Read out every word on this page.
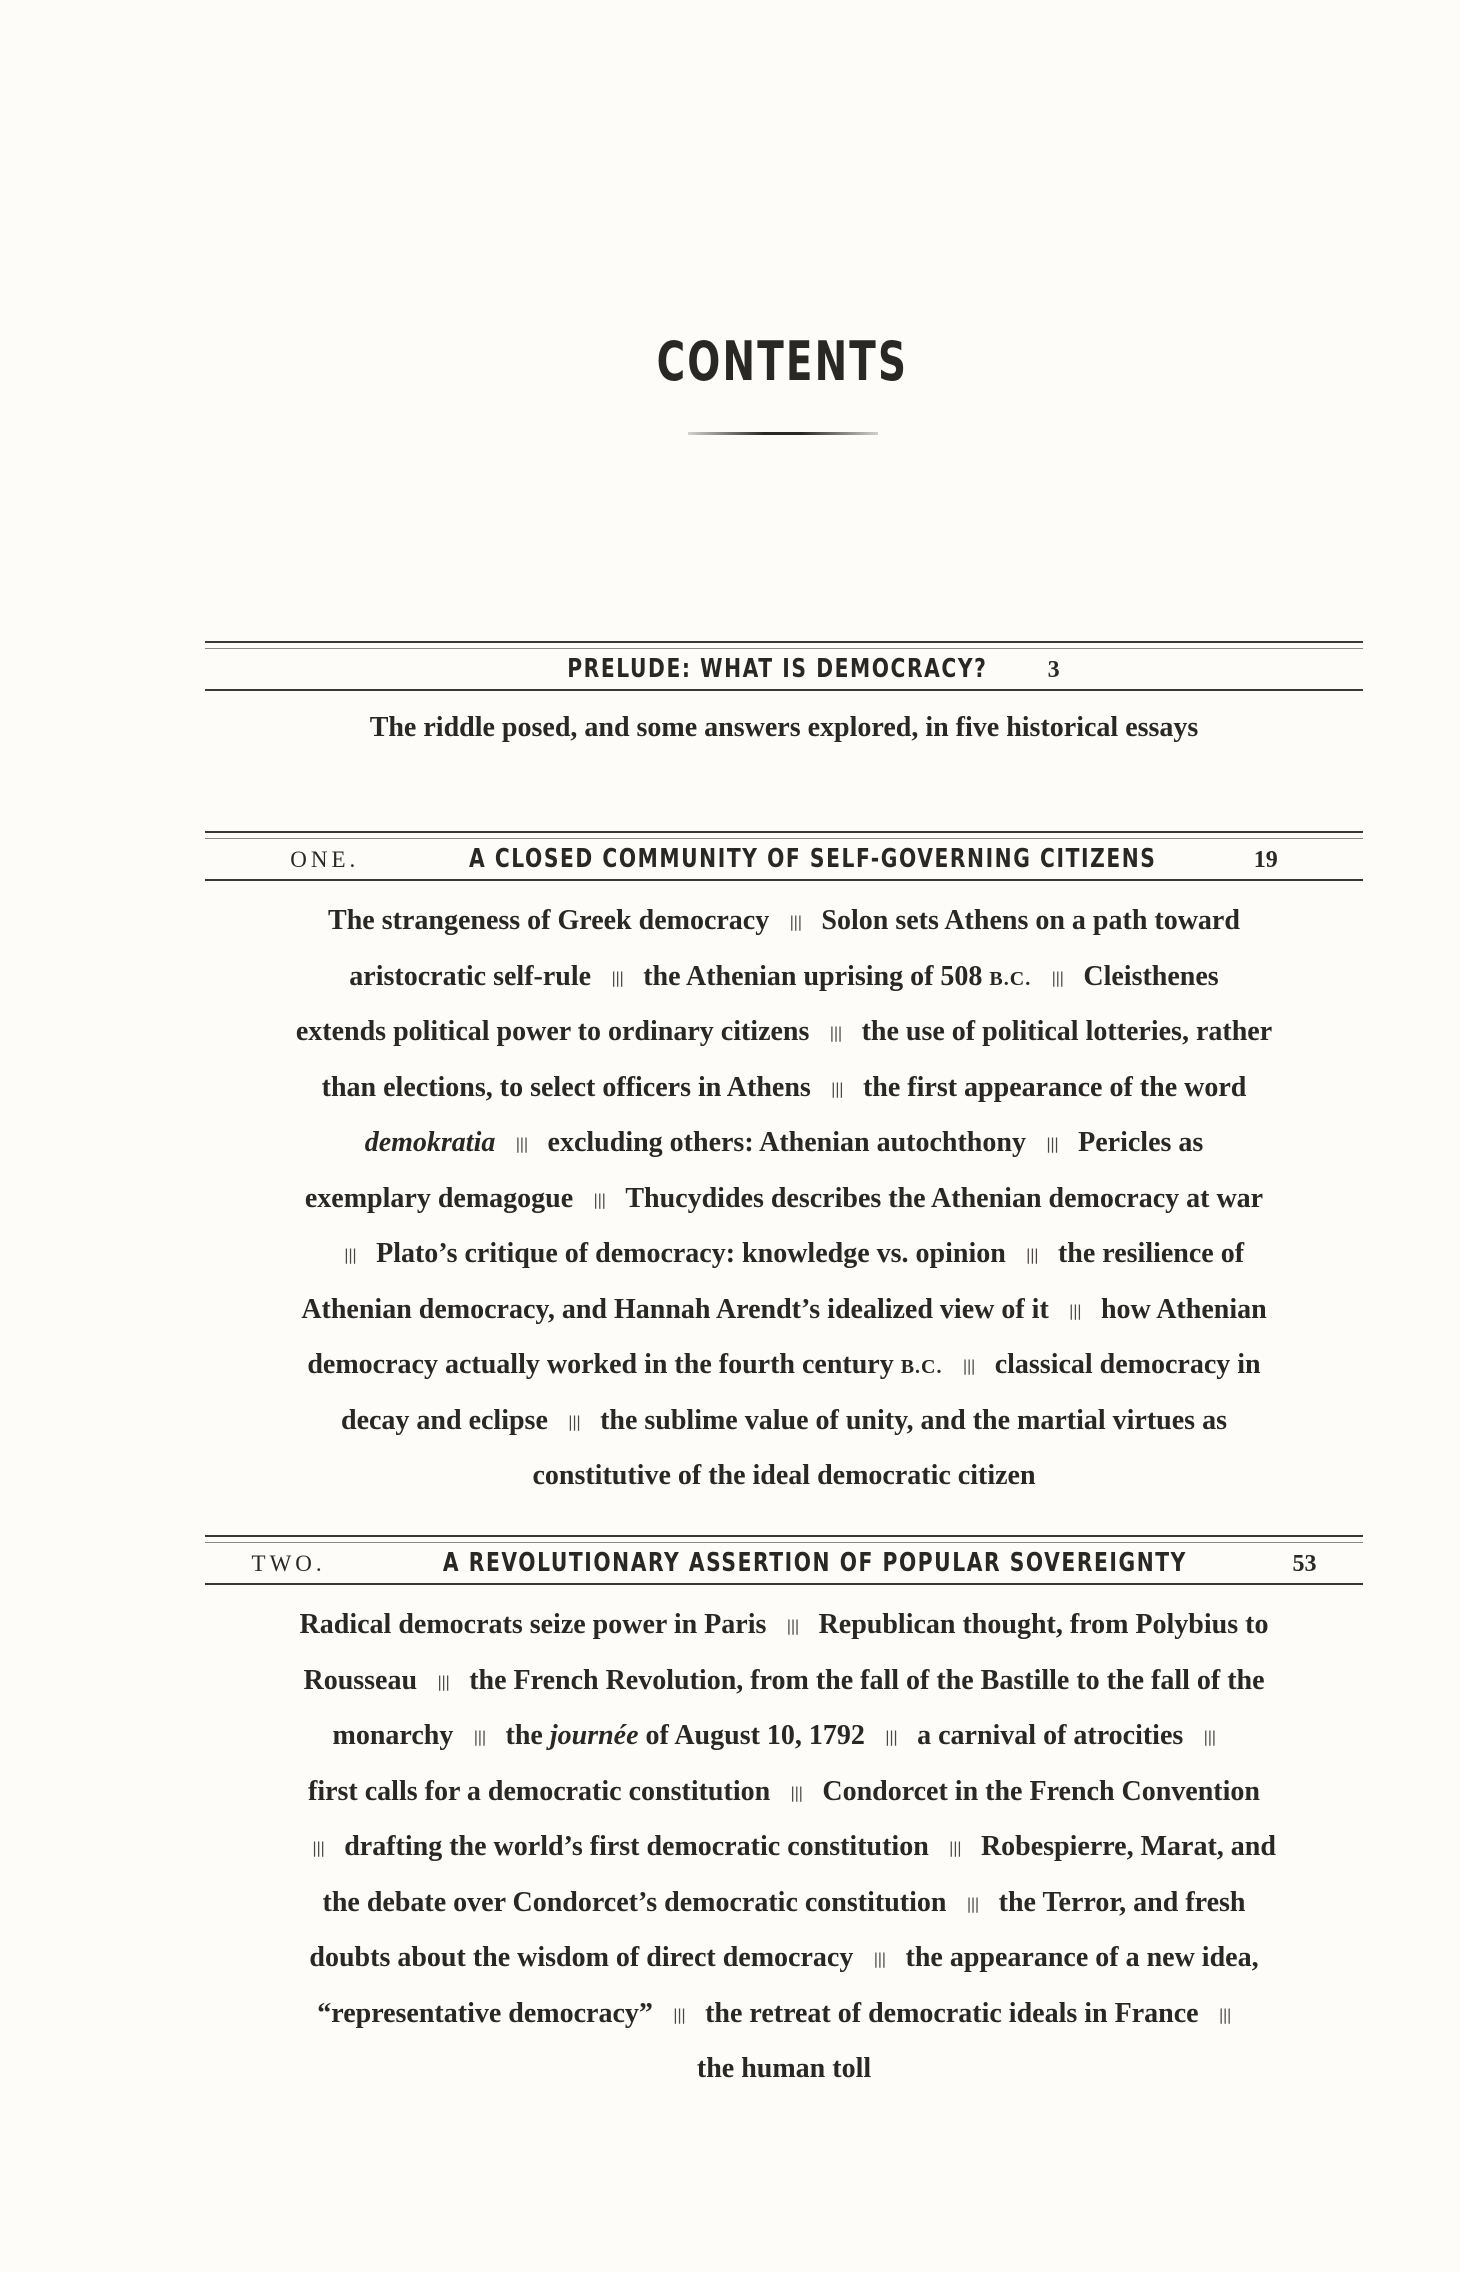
CONTENTS
PRELUDE: WHAT IS DEMOCRACY? 3
The riddle posed, and some answers explored, in five historical essays
ONE.	A CLOSED COMMUNITY OF SELF-GOVERNING CITIZENS	19
The strangeness of Greek democracy ||| Solon sets Athens on a path toward
aristocratic self-rule ||| the Athenian uprising of 508 B.C. ||| Cleisthenes
extends political power to ordinary citizens ||| the use of political lotteries, rather
than elections, to select officers in Athens ||| the first appearance of the word
demokratia ||| excluding others: Athenian autochthony ||| Pericles as
exemplary demagogue ||| Thucydides describes the Athenian democracy at war
||| Plato’s critique of democracy: knowledge vs. opinion ||| the resilience of
Athenian democracy, and Hannah Arendt’s idealized view of it ||| how Athenian
democracy actually worked in the fourth century B.C. ||| classical democracy in
decay and eclipse ||| the sublime value of unity, and the martial virtues as
constitutive of the ideal democratic citizen
TWO.	A REVOLUTIONARY ASSERTION OF POPULAR SOVEREIGNTY	53
Radical democrats seize power in Paris ||| Republican thought, from Polybius to
Rousseau ||| the French Revolution, from the fall of the Bastille to the fall of the
monarchy ||| the journée of August 10, 1792 ||| a carnival of atrocities |||
first calls for a democratic constitution ||| Condorcet in the French Convention
||| drafting the world’s first democratic constitution ||| Robespierre, Marat, and
the debate over Condorcet’s democratic constitution ||| the Terror, and fresh
doubts about the wisdom of direct democracy ||| the appearance of a new idea,
“representative democracy” ||| the retreat of democratic ideals in France |||
the human toll
